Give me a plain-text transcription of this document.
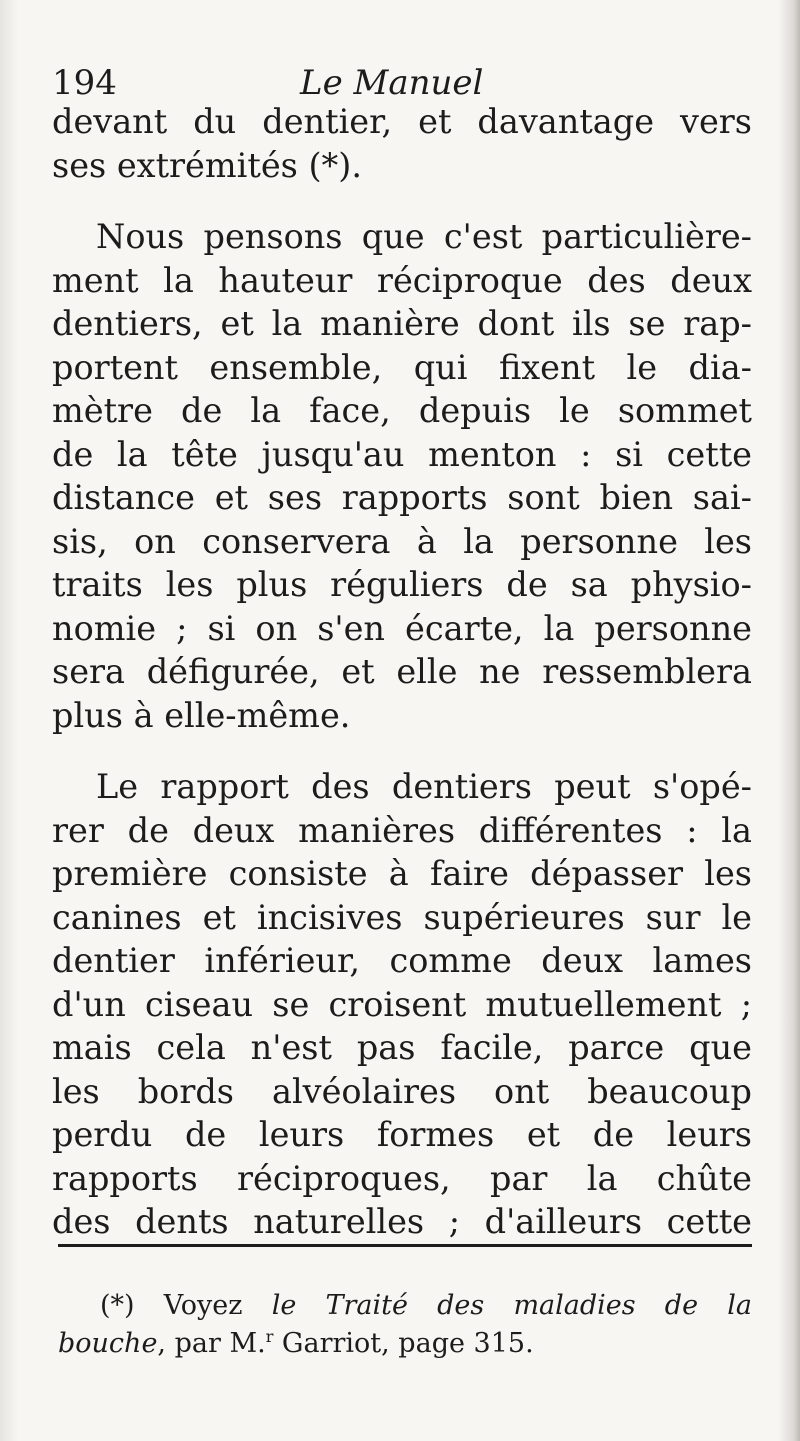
194	Le Manuel
devant du dentier, et davantage vers
ses extrémités (*).
Nous pensons que c'est particulière-
ment la hauteur réciproque des deux
dentiers, et la manière dont ils se rap-
portent ensemble, qui fixent le dia-
mètre de la face, depuis le sommet
de la tête jusqu'au menton : si cette
distance et ses rapports sont bien sai-
sis, on conservera à la personne les
traits les plus réguliers de sa physio-
nomie ; si on s'en écarte, la personne
sera défigurée, et elle ne ressemblera
plus à elle-même.
Le rapport des dentiers peut s'opé-
rer de deux manières différentes : la
première consiste à faire dépasser les
canines et incisives supérieures sur le
dentier inférieur, comme deux lames
d'un ciseau se croisent mutuellement ;
mais cela n'est pas facile, parce que
les bords alvéolaires ont beaucoup
perdu de leurs formes et de leurs
rapports réciproques, par la chûte
des dents naturelles ; d'ailleurs cette
(*) Voyez le Traité des maladies de la
bouche, par M.$^r$ Garriot, page 315.
